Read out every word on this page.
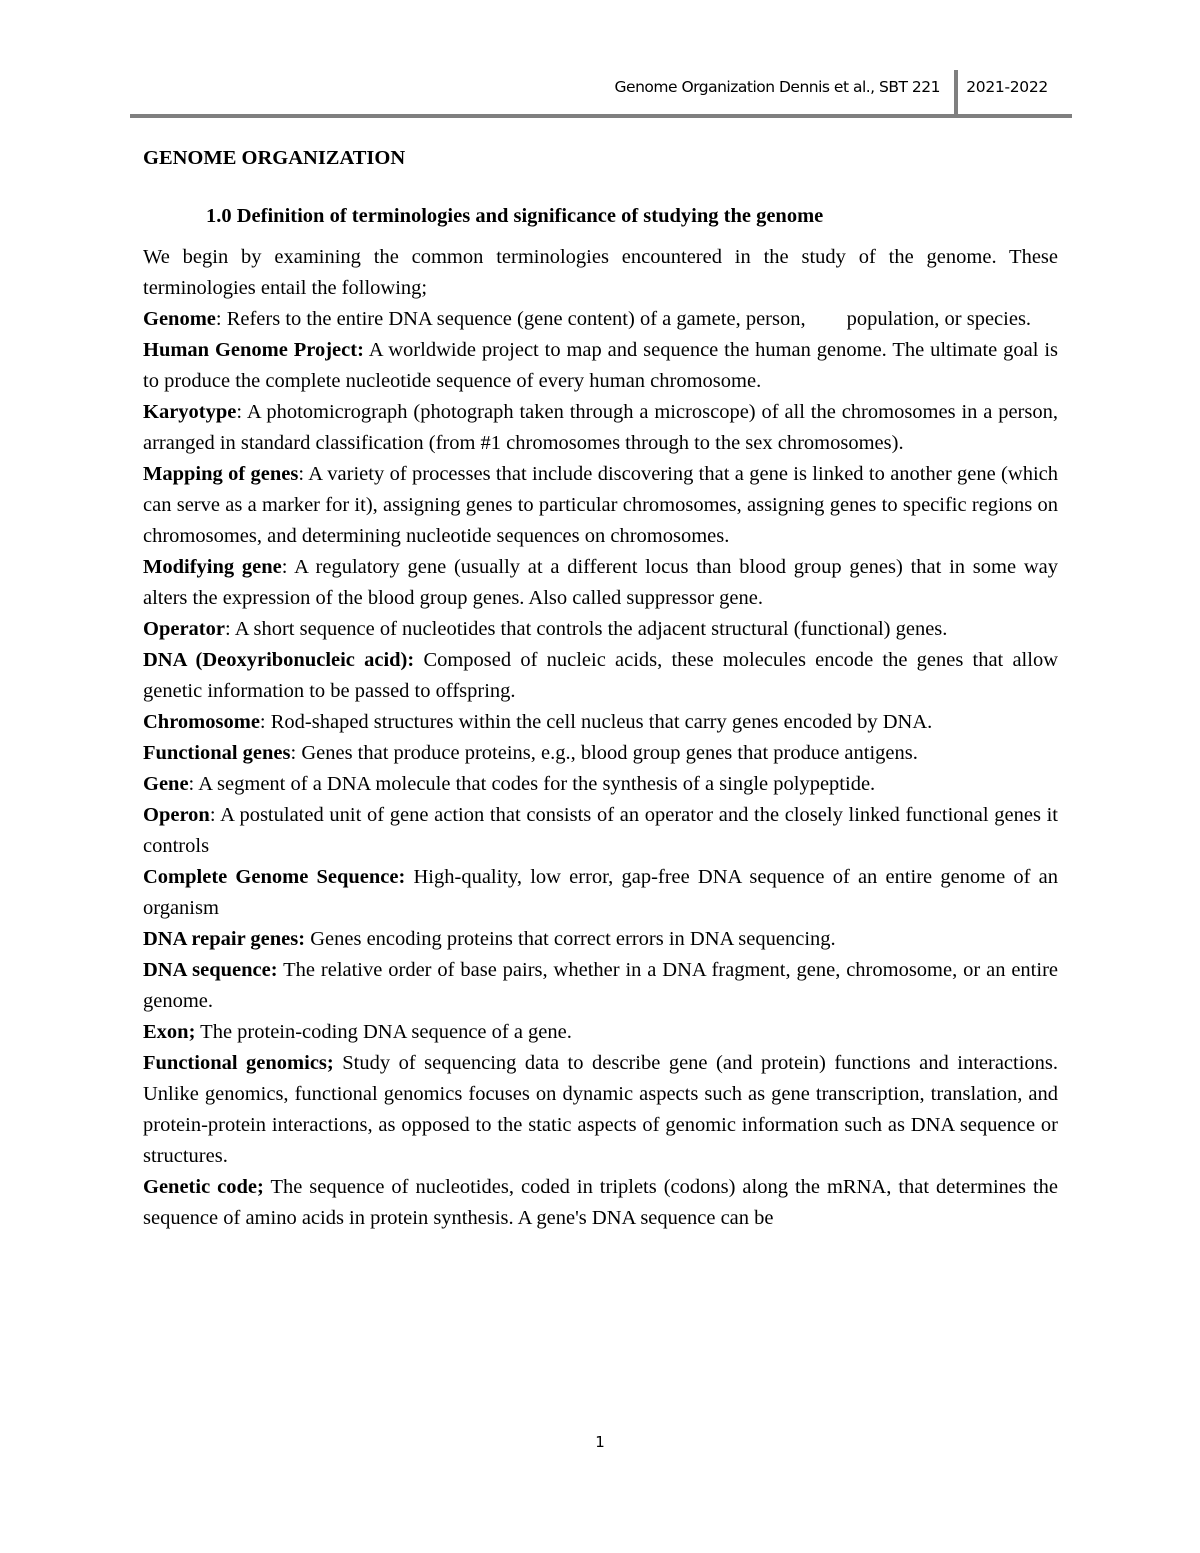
Genome Organization Dennis et al., SBT 221 2021-2022
GENOME ORGANIZATION
1.0 Definition of terminologies and significance of studying the genome

We begin by examining the common terminologies encountered in the study of the genome. These terminologies entail the following;

Genome: Refers to the entire DNA sequence (gene content) of a gamete, person,        population, or species.

Human Genome Project: A worldwide project to map and sequence the human genome. The ultimate goal is to produce the complete nucleotide sequence of every human chromosome.

Karyotype: A photomicrograph (photograph taken through a microscope) of all the chromosomes in a person, arranged in standard classification (from #1 chromosomes through to the sex chromosomes).

Mapping of genes: A variety of processes that include discovering that a gene is linked to another gene (which can serve as a marker for it), assigning genes to particular chromosomes, assigning genes to specific regions on chromosomes, and determining nucleotide sequences on chromosomes.

Modifying gene: A regulatory gene (usually at a different locus than blood group genes) that in some way alters the expression of the blood group genes. Also called suppressor gene.

Operator: A short sequence of nucleotides that controls the adjacent structural (functional) genes.

DNA (Deoxyribonucleic acid): Composed of nucleic acids, these molecules encode the genes that allow genetic information to be passed to offspring.

Chromosome: Rod-shaped structures within the cell nucleus that carry genes encoded by DNA.

Functional genes: Genes that produce proteins, e.g., blood group genes that produce antigens.

Gene: A segment of a DNA molecule that codes for the synthesis of a single polypeptide.

Operon: A postulated unit of gene action that consists of an operator and the closely linked functional genes it controls

Complete Genome Sequence: High-quality, low error, gap-free DNA sequence of an entire genome of an organism

DNA repair genes: Genes encoding proteins that correct errors in DNA sequencing.

DNA sequence: The relative order of base pairs, whether in a DNA fragment, gene, chromosome, or an entire genome.

Exon; The protein-coding DNA sequence of a gene.

Functional genomics; Study of sequencing data to describe gene (and protein) functions and interactions. Unlike genomics, functional genomics focuses on dynamic aspects such as gene transcription, translation, and protein-protein interactions, as opposed to the static aspects of genomic information such as DNA sequence or structures.

Genetic code; The sequence of nucleotides, coded in triplets (codons) along the mRNA, that determines the sequence of amino acids in protein synthesis. A gene's DNA sequence can be

1
